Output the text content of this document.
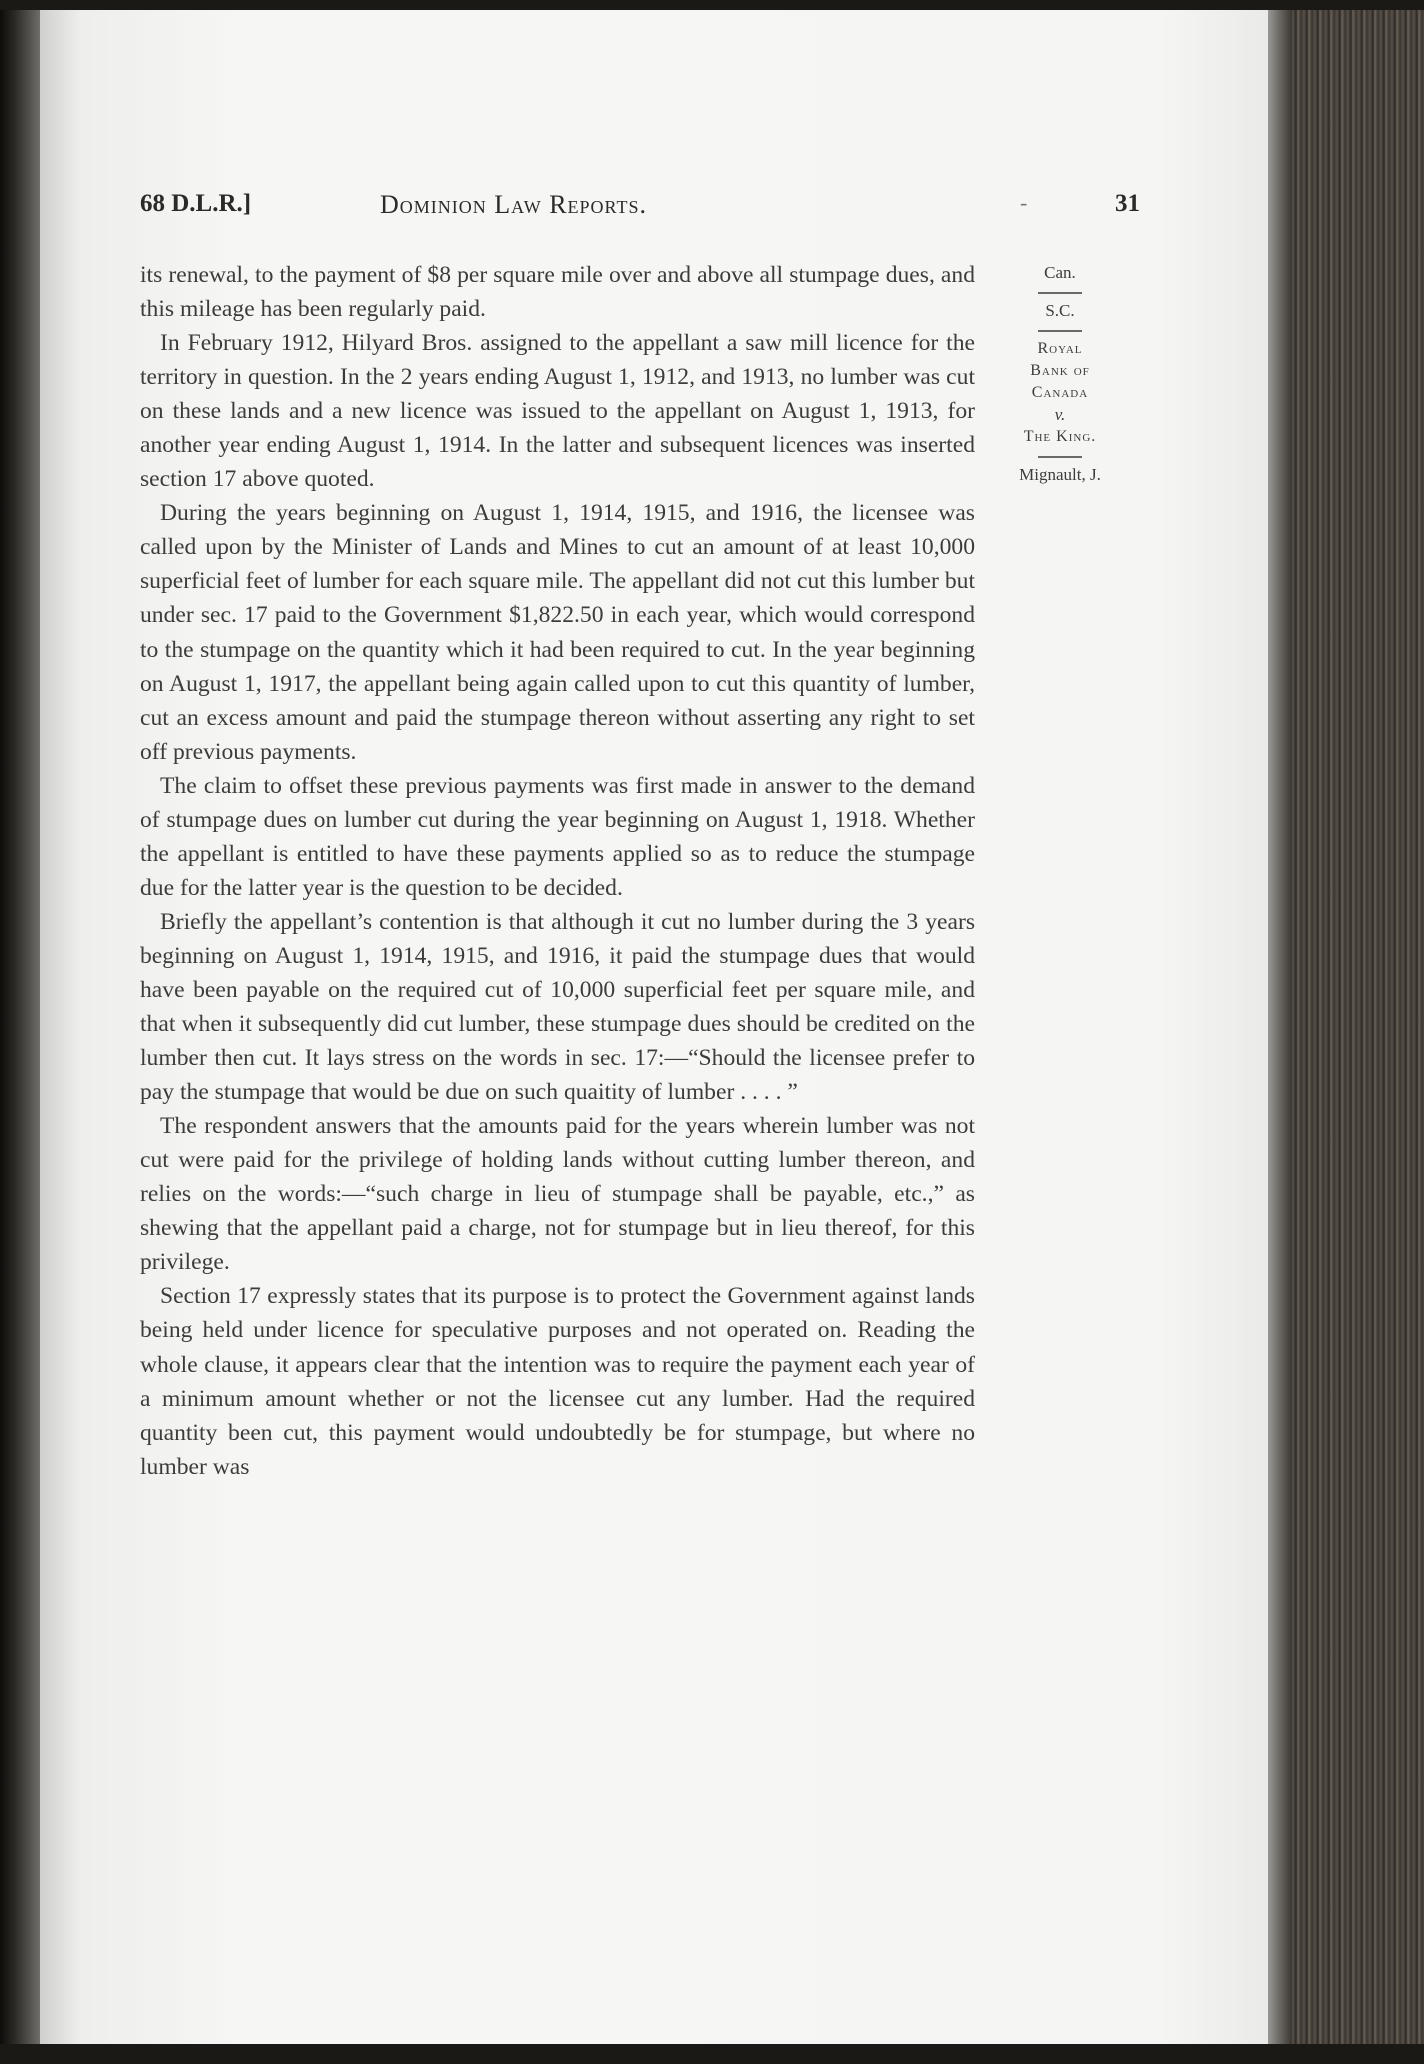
68 D.L.R.]	Dominion Law Reports.	31
-

its renewal, to the payment of $8 per square mile over and above all stumpage dues, and this mileage has been regularly paid.

In February 1912, Hilyard Bros. assigned to the appellant a saw mill licence for the territory in question. In the 2 years ending August 1, 1912, and 1913, no lumber was cut on these lands and a new licence was issued to the appellant on August 1, 1913, for another year ending August 1, 1914. In the latter and subsequent licences was inserted section 17 above quoted.

During the years beginning on August 1, 1914, 1915, and 1916, the licensee was called upon by the Minister of Lands and Mines to cut an amount of at least 10,000 superficial feet of lumber for each square mile. The appellant did not cut this lumber but under sec. 17 paid to the Government $1,822.50 in each year, which would correspond to the stumpage on the quantity which it had been required to cut. In the year beginning on August 1, 1917, the appellant being again called upon to cut this quantity of lumber, cut an excess amount and paid the stumpage thereon without asserting any right to set off previous payments.

The claim to offset these previous payments was first made in answer to the demand of stumpage dues on lumber cut during the year beginning on August 1, 1918. Whether the appellant is entitled to have these payments applied so as to reduce the stumpage due for the latter year is the question to be decided.

Briefly the appellant’s contention is that although it cut no lumber during the 3 years beginning on August 1, 1914, 1915, and 1916, it paid the stumpage dues that would have been payable on the required cut of 10,000 superficial feet per square mile, and that when it subsequently did cut lumber, these stumpage dues should be credited on the lumber then cut. It lays stress on the words in sec. 17:—“Should the licensee prefer to pay the stumpage that would be due on such quaitity of lumber . . . . ”

The respondent answers that the amounts paid for the years wherein lumber was not cut were paid for the privilege of holding lands without cutting lumber thereon, and relies on the words:—“such charge in lieu of stumpage shall be payable, etc.,” as shewing that the appellant paid a charge, not for stumpage but in lieu thereof, for this privilege.

Section 17 expressly states that its purpose is to protect the Government against lands being held under licence for speculative purposes and not operated on. Reading the whole clause, it appears clear that the intention was to require the payment each year of a minimum amount whether or not the licensee cut any lumber. Had the required quantity been cut, this payment would undoubtedly be for stumpage, but where no lumber was

Can.
S.C.
Royal
Bank of
Canada
v.
The King.
Mignault, J.
